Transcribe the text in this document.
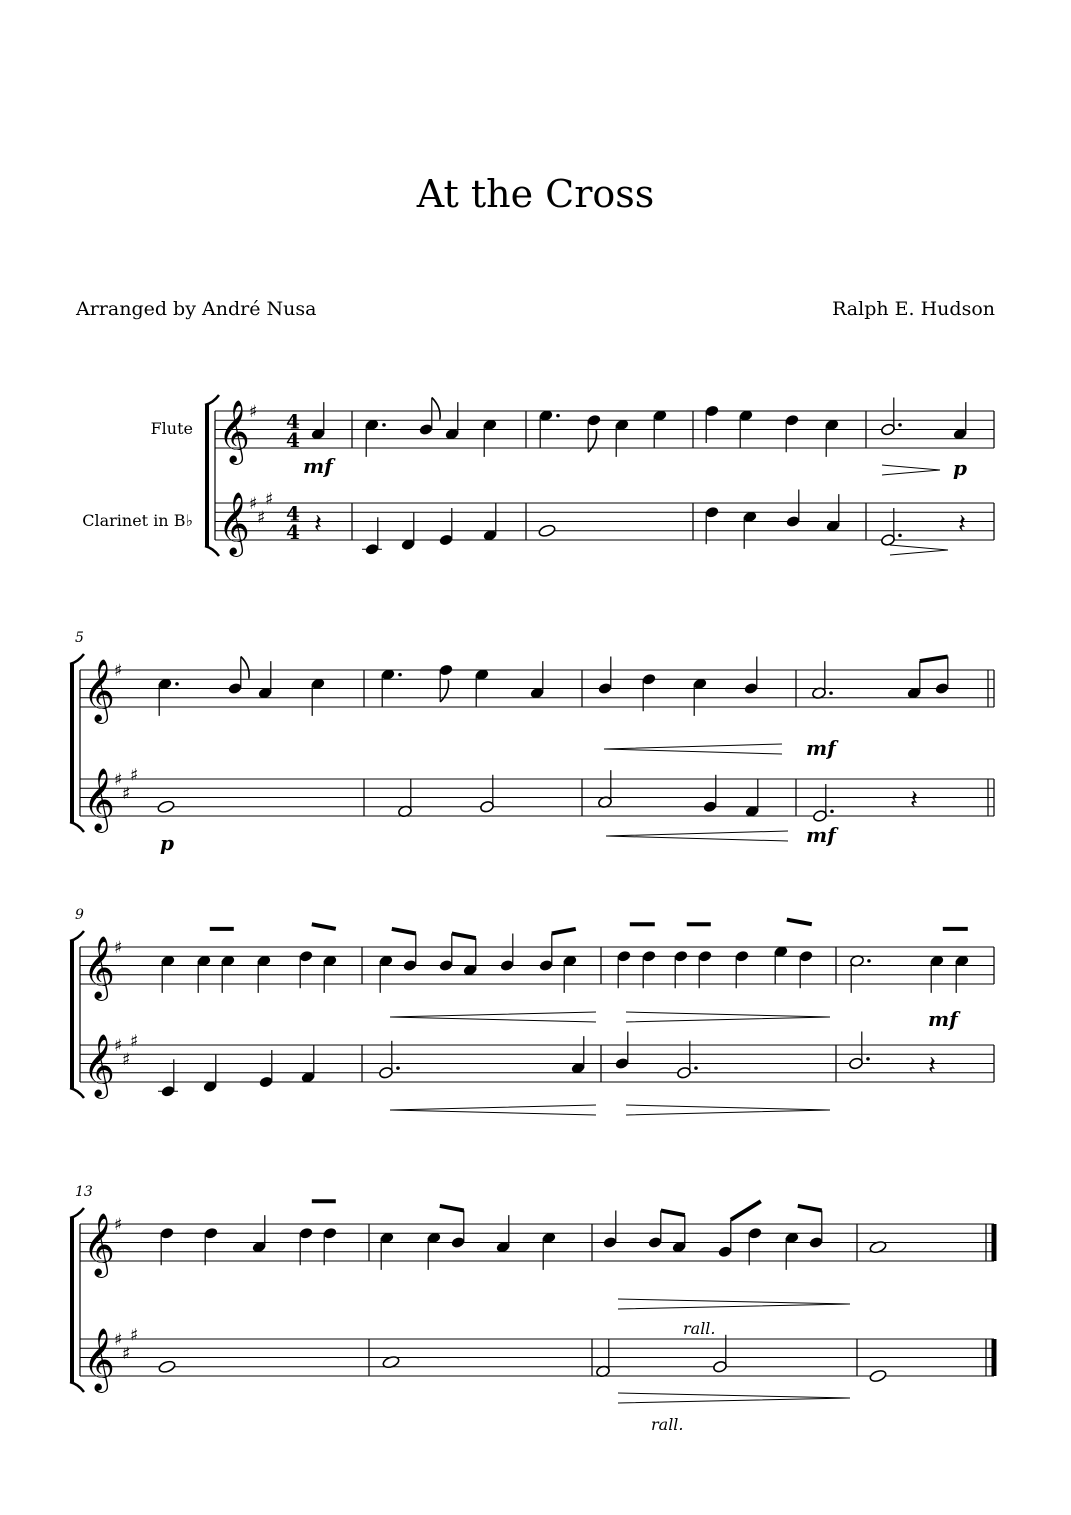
At the Cross
Arranged by André Nusa	Ralph E. Hudson
Flute
Clarinet in B♭
𝄞
𝄞
♯
♯
♯
♯
𝄞
𝄞
♯
♯
♯
♯
5
𝄞
𝄞
♯
♯
♯
♯
9
𝄞
𝄞
♯
♯
♯
♯
13
4
4
4
4 𝄽	𝄽
mf	p
𝄽
mf
p	mf
𝄽
mf
rall.
rall.
